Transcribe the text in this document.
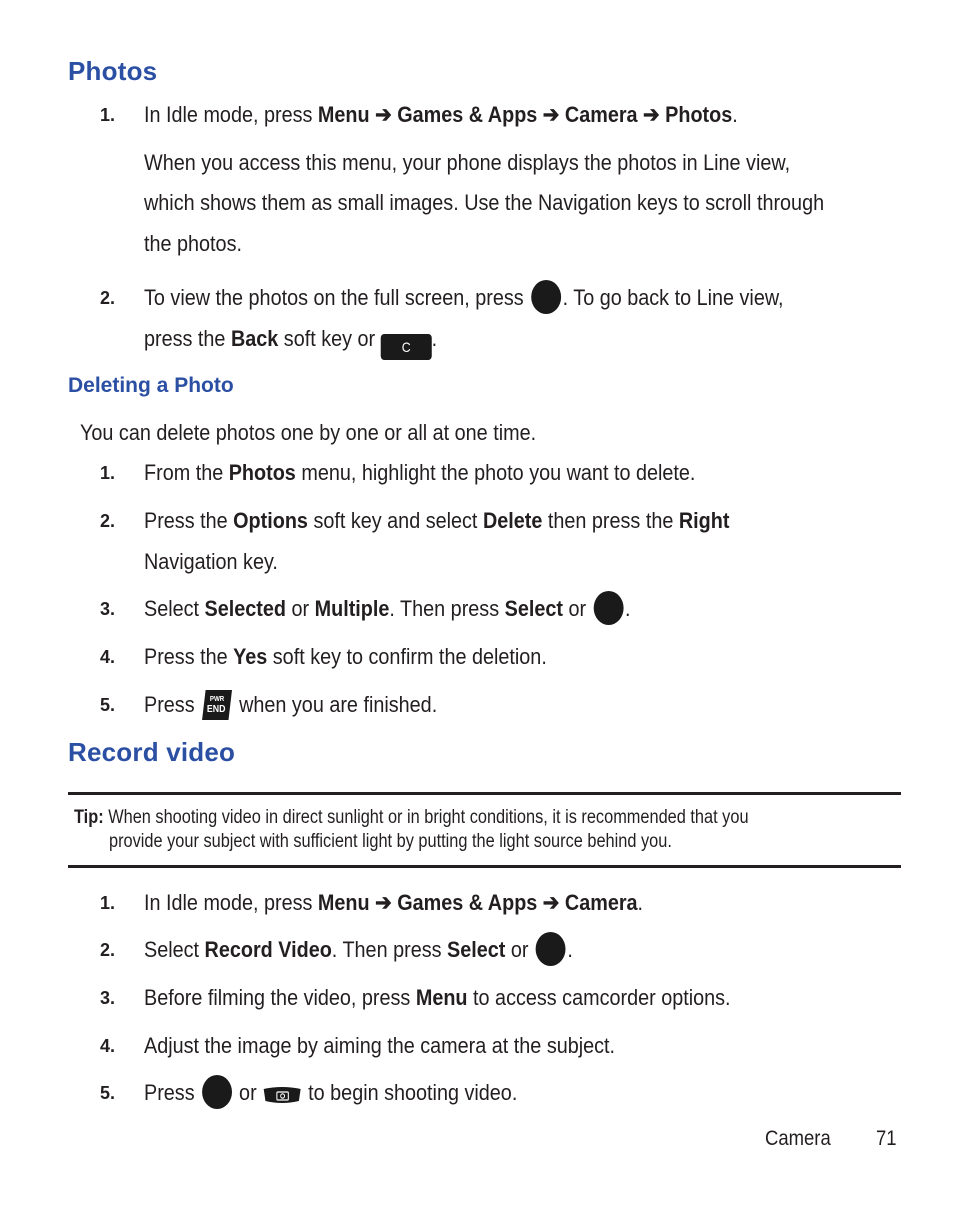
Photos
1. In Idle mode, press Menu ➔ Games & Apps ➔ Camera ➔ Photos.
When you access this menu, your phone displays the photos in Line view,
which shows them as small images. Use the Navigation keys to scroll through
the photos.
2. To view the photos on the full screen, press . To go back to Line view,
press the Back soft key or C .
Deleting a Photo
You can delete photos one by one or all at one time.
1. From the Photos menu, highlight the photo you want to delete.
2. Press the Options soft key and select Delete then press the Right
Navigation key.
3. Select Selected or Multiple. Then press Select or .
4. Press the Yes soft key to confirm the deletion.
5. Press PWR
END when you are finished.
Record video
Tip: When shooting video in direct sunlight or in bright conditions, it is recommended that you
provide your subject with sufficient light by putting the light source behind you.
1. In Idle mode, press Menu ➔ Games & Apps ➔ Camera.
2. Select Record Video. Then press Select or .
3. Before filming the video, press Menu to access camcorder options.
4. Adjust the image by aiming the camera at the subject.
5. Press  or  to begin shooting video.
Camera 71
